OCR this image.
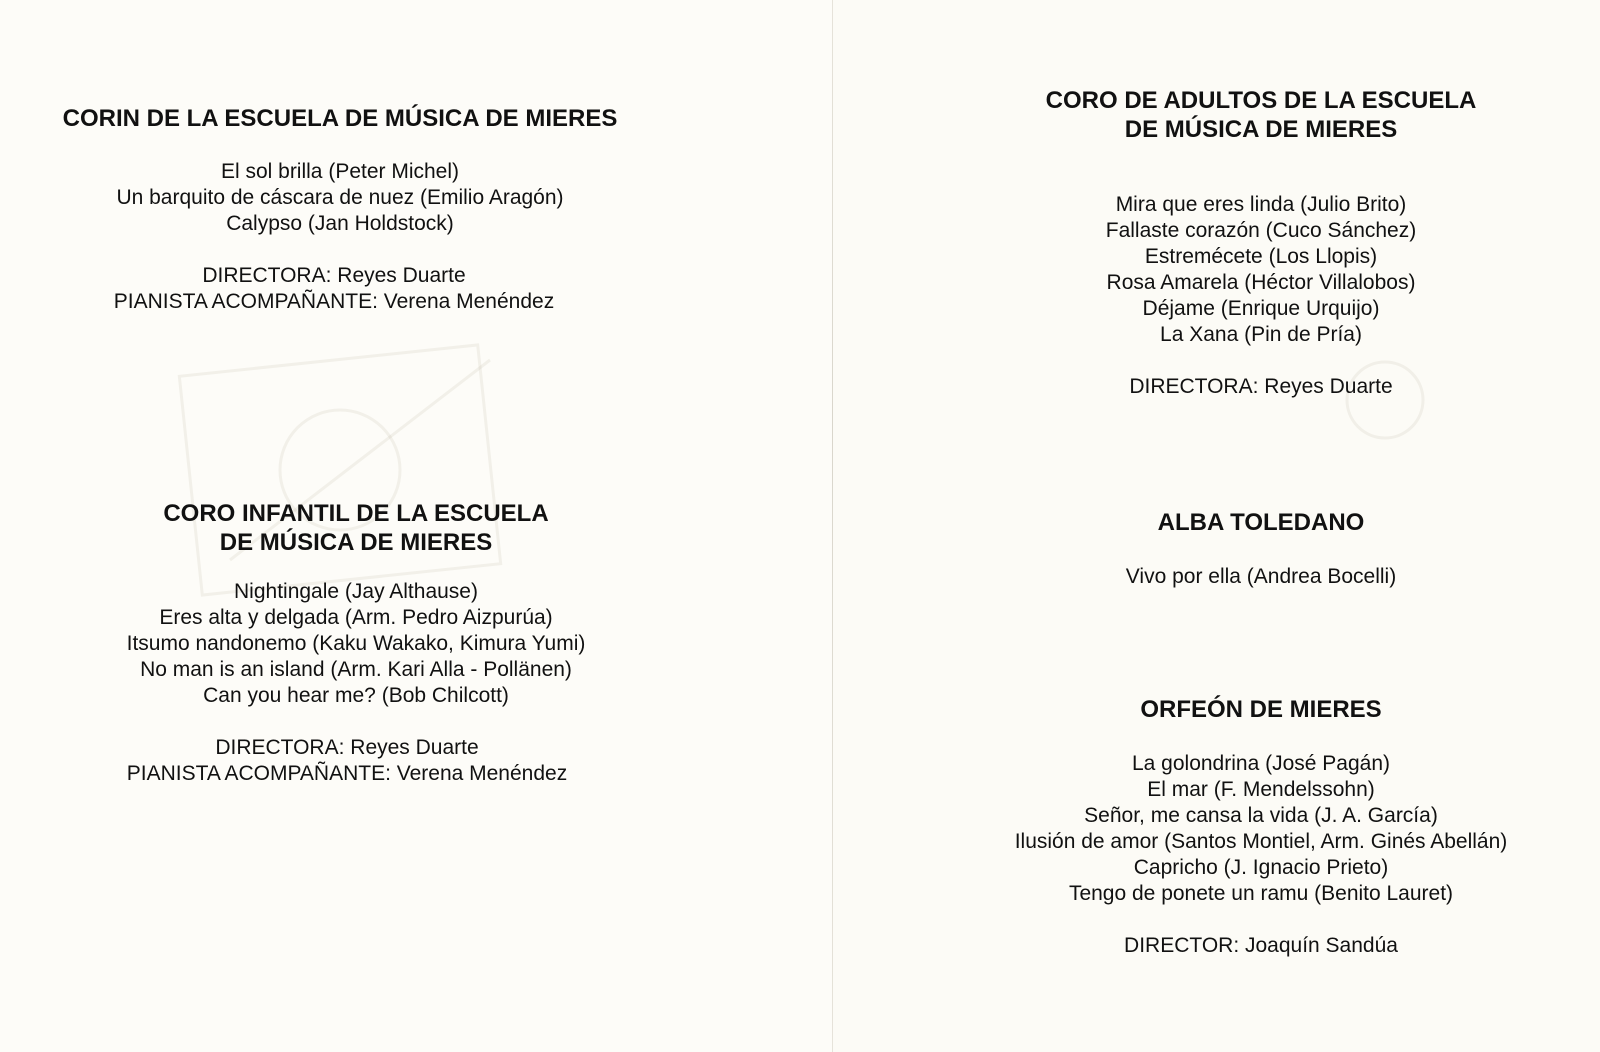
CORIN DE LA ESCUELA DE MÚSICA DE MIERES
El sol brilla (Peter Michel)
Un barquito de cáscara de nuez (Emilio Aragón)
Calypso (Jan Holdstock)
DIRECTORA: Reyes Duarte
PIANISTA ACOMPAÑANTE: Verena Menéndez
CORO INFANTIL DE LA ESCUELA
DE MÚSICA DE MIERES
Nightingale (Jay Althause)
Eres alta y delgada (Arm. Pedro Aizpurúa)
Itsumo nandonemo (Kaku Wakako, Kimura Yumi)
No man is an island (Arm. Kari Alla - Pollänen)
Can you hear me? (Bob Chilcott)
DIRECTORA: Reyes Duarte
PIANISTA ACOMPAÑANTE: Verena Menéndez
CORO DE ADULTOS DE LA ESCUELA
DE MÚSICA DE MIERES
Mira que eres linda (Julio Brito)
Fallaste corazón (Cuco Sánchez)
Estremécete (Los Llopis)
Rosa Amarela (Héctor Villalobos)
Déjame (Enrique Urquijo)
La Xana (Pin de Pría)
DIRECTORA: Reyes Duarte
ALBA TOLEDANO
Vivo por ella (Andrea Bocelli)
ORFEÓN DE MIERES
La golondrina (José Pagán)
El mar (F. Mendelssohn)
Señor, me cansa la vida (J. A. García)
Ilusión de amor (Santos Montiel, Arm. Ginés Abellán)
Capricho (J. Ignacio Prieto)
Tengo de ponete un ramu (Benito Lauret)
DIRECTOR: Joaquín Sandúa
